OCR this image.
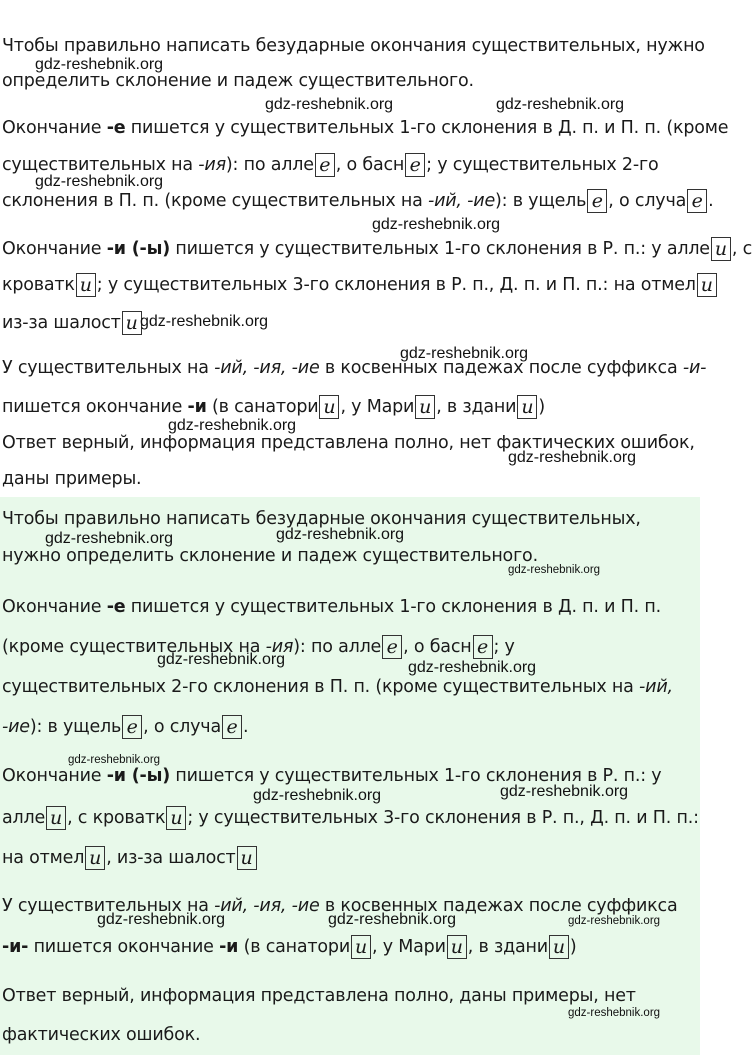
Чтобы правильно написать безударные окончания существительных, нужно
определить склонение и падеж существительного.
Окончание -е пишется у существительных 1-го склонения в Д. п. и П. п. (кроме
существительных на -ия): по алле е , о басн е ; у существительных 2-го
склонения в П. п. (кроме существительных на -ий, -ие): в ущель е , о случа е .
Окончание -и (-ы) пишется у существительных 1-го склонения в Р. п.: у алле и , с
кроватк и ; у существительных 3-го склонения в Р. п., Д. п. и П. п.: на отмел и
из-за шалост и
У существительных на -ий, -ия, -ие в косвенных падежах после суффикса -и-
пишется окончание -и (в санатори и , у Мари и , в здани и )
Ответ верный, информация представлена полно, нет фактических ошибок,
даны примеры.
gdz-reshebnik.org
gdz-reshebnik.org	gdz-reshebnik.org
gdz-reshebnik.org
gdz-reshebnik.org
gdz-reshebnik.org
gdz-reshebnik.org
gdz-reshebnik.org
gdz-reshebnik.org
Чтобы правильно написать безударные окончания существительных,
нужно определить склонение и падеж существительного.
Окончание -е пишется у существительных 1-го склонения в Д. п. и П. п.
(кроме существительных на -ия): по алле е , о басн е ; у
существительных 2-го склонения в П. п. (кроме существительных на -ий,
-ие): в ущель е , о случа е .
Окончание -и (-ы) пишется у существительных 1-го склонения в Р. п.: у
алле и , с кроватк и ; у существительных 3-го склонения в Р. п., Д. п. и П. п.:
на отмел и , из-за шалост и
У существительных на -ий, -ия, -ие в косвенных падежах после суффикса
-и- пишется окончание -и (в санатори и , у Мари и , в здани и )
Ответ верный, информация представлена полно, даны примеры, нет
фактических ошибок.
gdz-reshebnik.org	gdz-reshebnik.org
gdz-reshebnik.org
gdz-reshebnik.org	gdz-reshebnik.org
gdz-reshebnik.org
gdz-reshebnik.org	gdz-reshebnik.org
gdz-reshebnik.org	gdz-reshebnik.org	gdz-reshebnik.org
gdz-reshebnik.org
